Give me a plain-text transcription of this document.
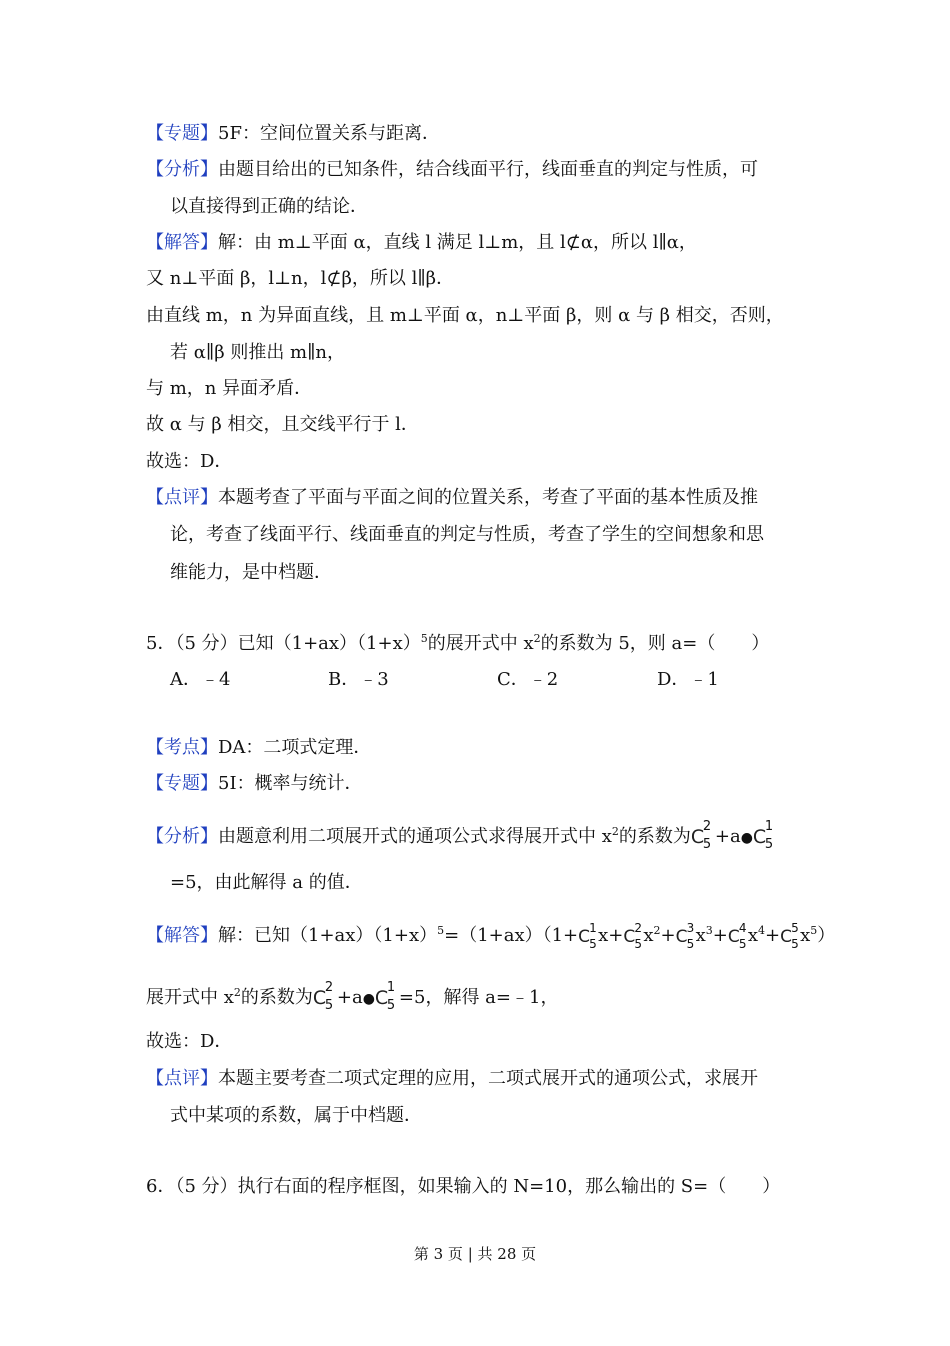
【专题】5F：空间位置关系与距离．
【分析】由题目给出的已知条件，结合线面平行，线面垂直的判定与性质，可
以直接得到正确的结论．
【解答】解：由 m⊥平面 α，直线 l 满足 l⊥m，且 l⊄α，所以 l∥α，
又 n⊥平面 β，l⊥n，l⊄β，所以 l∥β．
由直线 m，n 为异面直线，且 m⊥平面 α，n⊥平面 β，则 α 与 β 相交，否则，
若 α∥β 则推出 m∥n，
与 m，n 异面矛盾．
故 α 与 β 相交，且交线平行于 l．
故选：D．
【点评】本题考查了平面与平面之间的位置关系，考查了平面的基本性质及推
论，考查了线面平行、线面垂直的判定与性质，考查了学生的空间想象和思
维能力，是中档题．
5．（5 分）已知$(1+ax)(1+x)^5$的展开式中 $x^2$的系数为 5，则 a=（　　）
A．﹣4	B．﹣3	C．﹣2	D．﹣1
【考点】DA：二项式定理．
【专题】5I：概率与统计．
【分析】由题意利用二项展开式的通项公式求得展开式中 $x^2$的系数为 C
2
5 +a● C
1
5
=5，由此解得 a 的值．
【解答】解：已知$(1+ax)(1+x)^5=(1+ax)(1+ C$ 1
5 x+ C 2
5 $x^2+ C$ 3
5 $x^3+ C$ 4
5 $x^4+ C$ 5
5 $x^5$）
展开式中 $x^2$的系数为 C
2
5 +a● C
1
5 =5，解得 a=﹣1，
故选：D．
【点评】本题主要考查二项式定理的应用，二项式展开式的通项公式，求展开
式中某项的系数，属于中档题．
6．（5 分）执行右面的程序框图，如果输入的 N=10，那么输出的 S=（　　）
第 3 页 | 共 28 页
